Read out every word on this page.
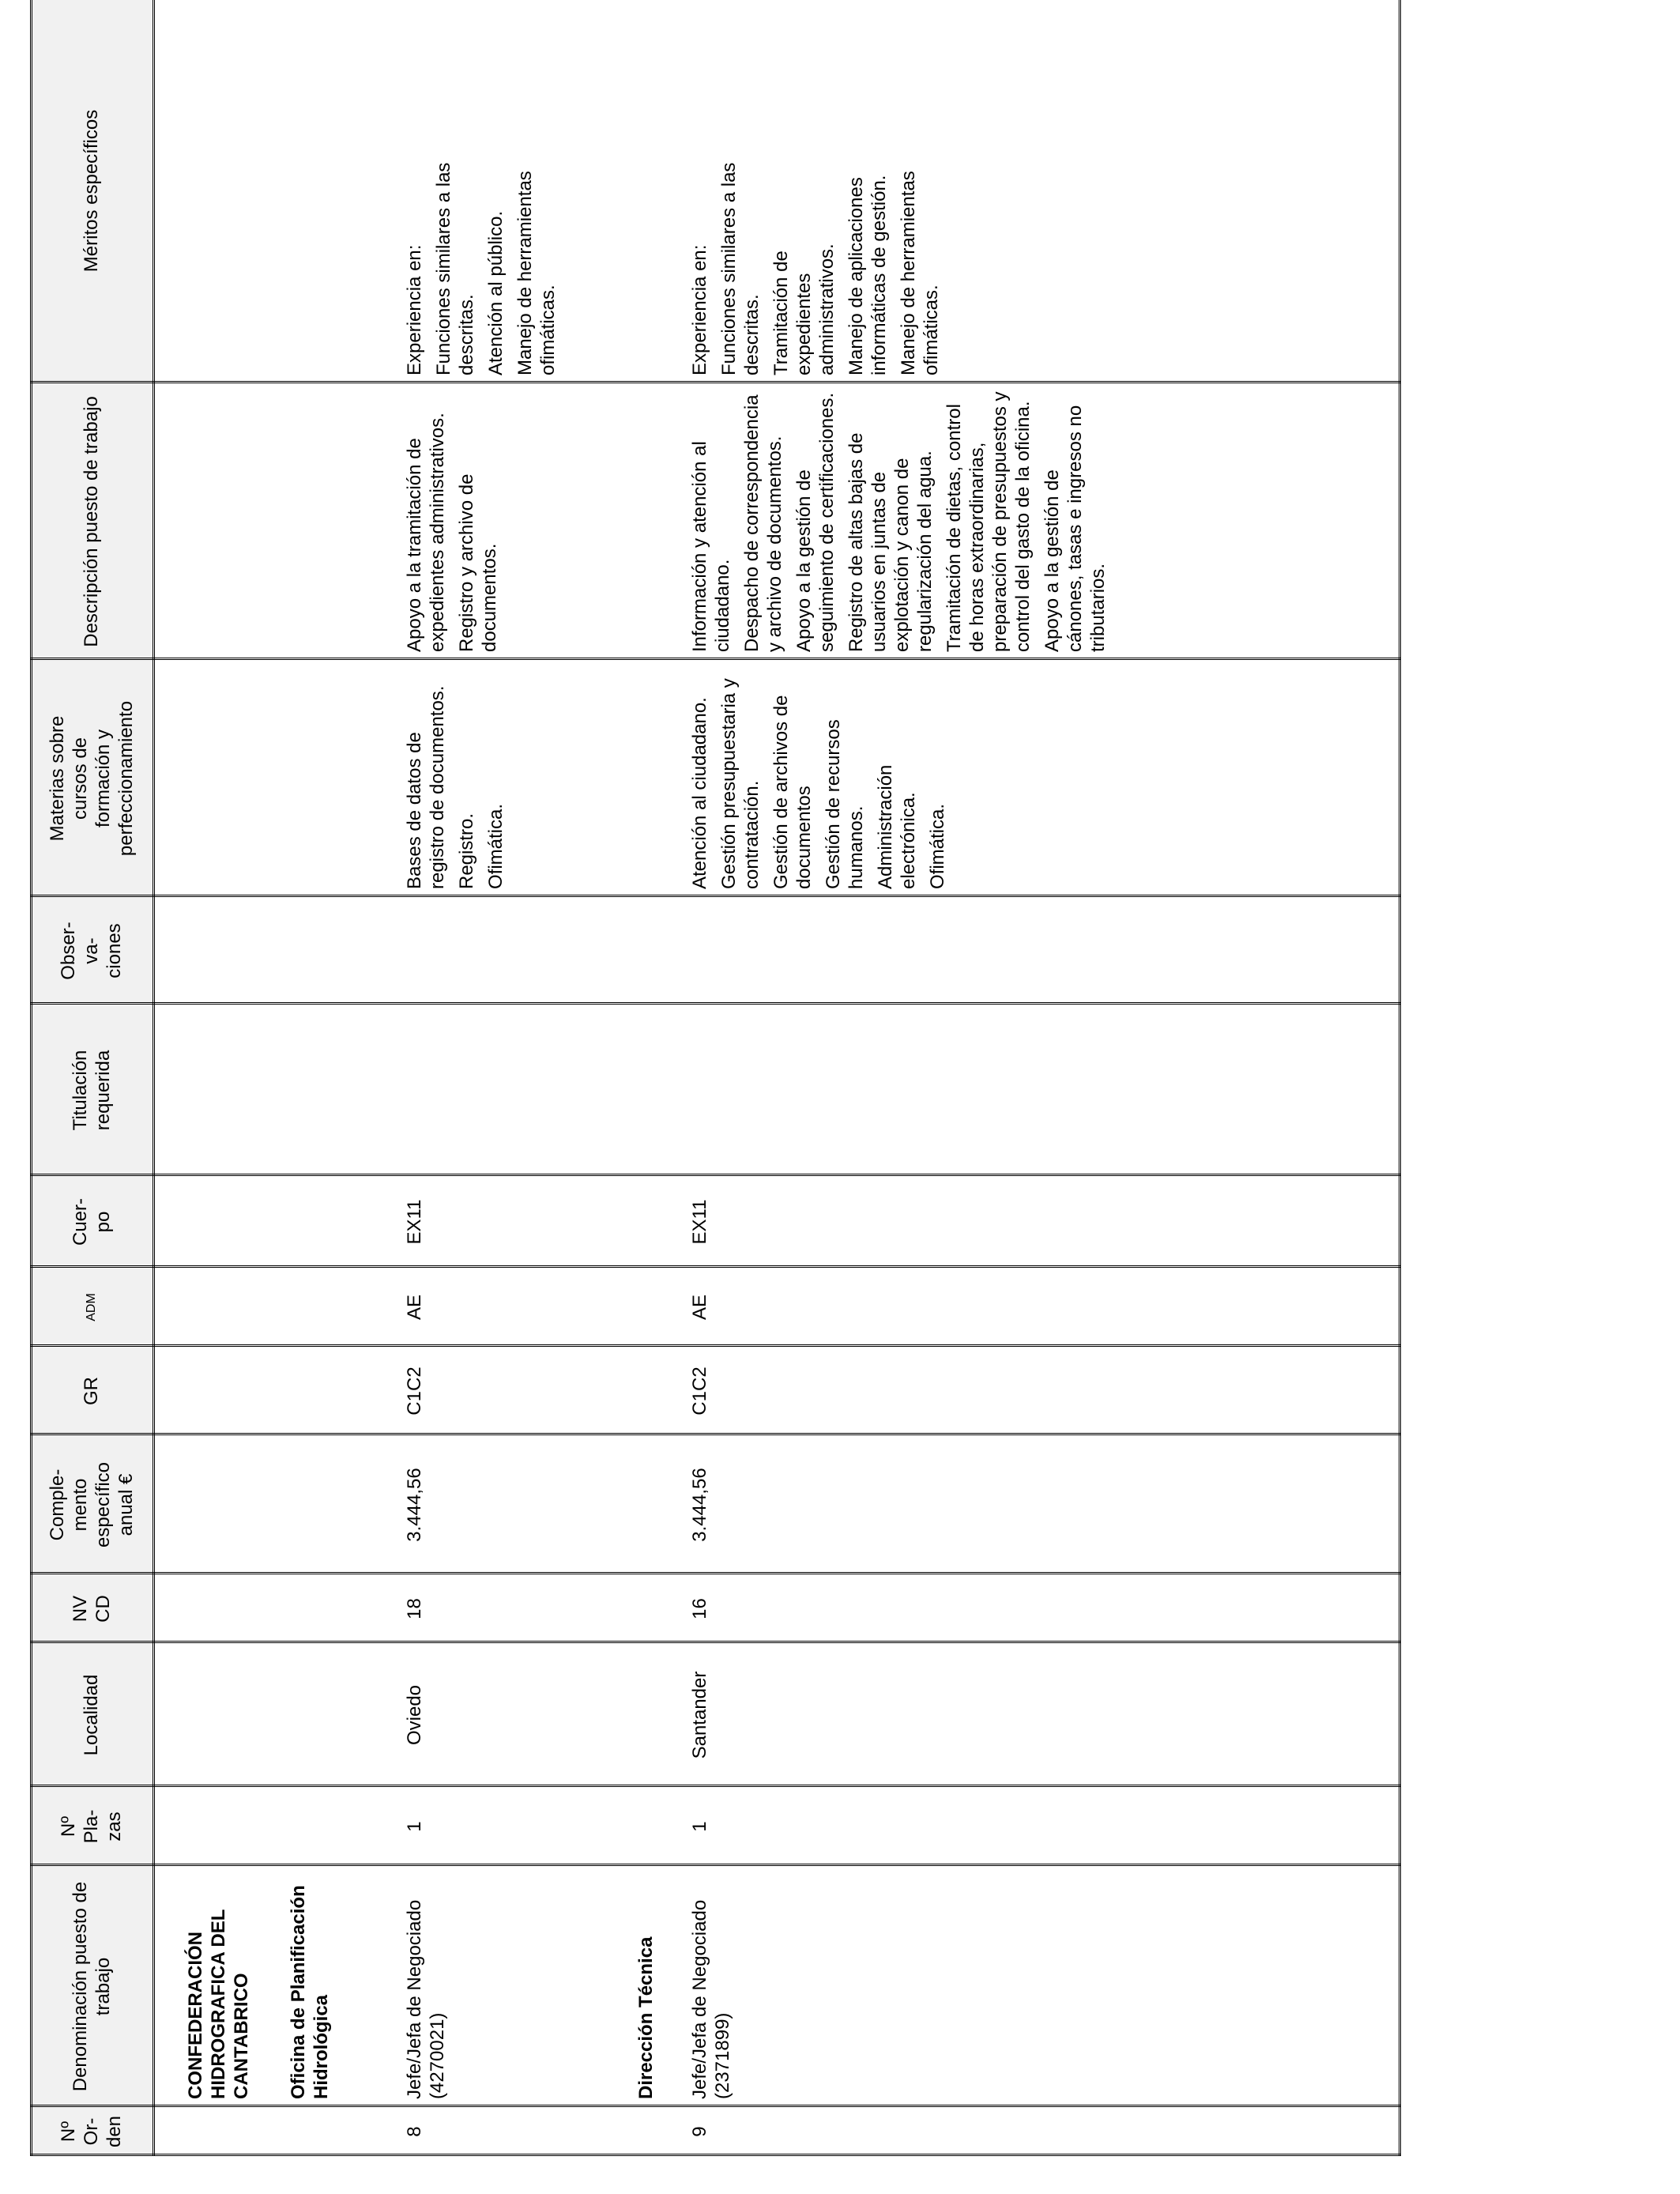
Nº
Or-
den
Denominación puesto de trabajo
Nº
Pla-
zas
Localidad
NV
CD
Comple-
mento
específico
anual €
GR
ADM
Cuer-
po
Titulación
requerida
Obser-
va-
ciones
Materias sobre
cursos de
formación y
perfeccionamiento
Descripción puesto de trabajo
Méritos específicos
CONFEDERACIÓN HIDROGRAFICA DEL CANTABRICO Oficina de Planificación Hidrológica	Dirección Técnica
8
Jefe/Jefa de Negociado (4270021)
1
Oviedo
18
3.444,56
C1C2
AE
EX11

Bases de datos de registro de documentos. Registro. Ofimática.

Apoyo a la tramitación de expedientes administrativos. Registro y archivo de documentos.

Experiencia en: Funciones similares a las descritas. Atención al público. Manejo de herramientas ofimáticas.

9
Jefe/Jefa de Negociado (2371899)
1
Santander
16
3.444,56
C1C2
AE
EX11

Atención al ciudadano. Gestión presupuestaria y contratación. Gestión de archivos de documentos Gestión de recursos humanos. Administración electrónica. Ofimática.

Información y atención al ciudadano. Despacho de correspondencia y archivo de documentos. Apoyo a la gestión de seguimiento de certificaciones. Registro de altas bajas de usuarios en juntas de explotación y canon de regularización del agua. Tramitación de dietas, control de horas extraordinarias, preparación de presupuestos y control del gasto de la oficina. Apoyo a la gestión de cánones, tasas e ingresos no tributarios.

Experiencia en: Funciones similares a las descritas. Tramitación de expedientes administrativos. Manejo de aplicaciones informáticas de gestión. Manejo de herramientas ofimáticas.
